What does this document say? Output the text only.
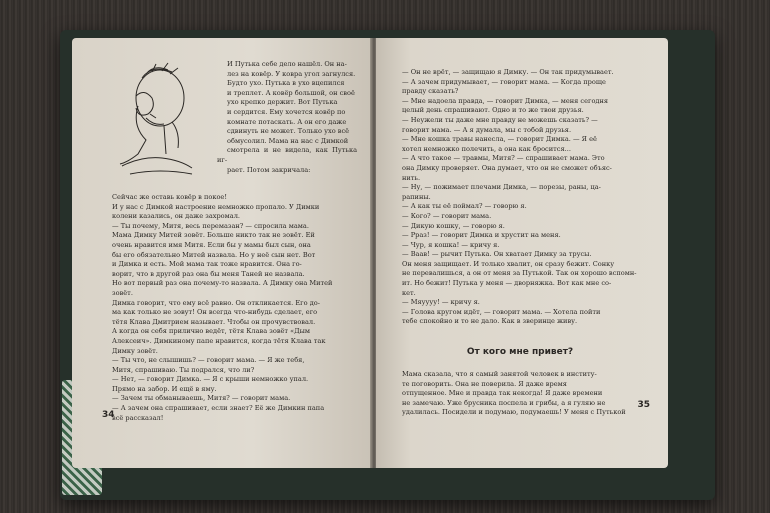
И Путька себе дело нашёл. Он на-

лез на ковёр. У ковра угол загнулся.

Будто ухо. Путька в ухо вцепился

и треплет. А ковёр большой, он своё

ухо крепко держит. Вот Путька

и сердится. Ему хочется ковёр по

комнате потаскать. А он его даже

сдвинуть не может. Только ухо всё

обмусолил. Мама на нас с Димкой

смотрела и не видела, как Путька иг-

рает. Потом закричала:

Сейчас же оставь ковёр в покое!

И у нас с Димкой настроение немножко пропало. У Димки

колени казались, он даже захромал.

— Ты почему, Митя, весь перемазан? — спросила мама.

Мама Димку Митей зовёт. Больше никто так не зовёт. Ей

очень нравится имя Митя. Если бы у мамы был сын, она

бы его обязательно Митей назвала. Но у неё сын нет. Вот

и Димка и есть. Мой мама так тоже нравится. Она го-

ворит, что в другой раз она бы меня Таней не назвала.

Но вот первый раз она почему-то назвала. А Димку она Митей

зовёт.

Димка говорит, что ему всё равно. Он откликается. Его до-

ма как только не зовут! Он всегда что-нибудь сделает, его

тётя Клава Дмитрием называет. Чтобы он прочувствовал.

А когда он себя прилично ведёт, тётя Клава зовёт «Дым

Алексеич». Димкиному папе нравится, когда тётя Клава так

Димку зовёт.

— Ты что, не слышишь? — говорит мама. — Я же тебя,

Митя, спрашиваю. Ты подрался, что ли?

— Нет, — говорит Димка. — Я с крыши немножко упал.

Прямо на забор. И ещё в яму.

— Зачем ты обманываешь, Митя? — говорит мама.

— А зачем она спрашивает, если знает? Её же Димкин папа

всё рассказал!

34

— Он не врёт, — защищаю я Димку. — Он так придумывает.

— А зачем придумывает, — говорит мама. — Когда проще

правду сказать?

— Мне надоела правда, — говорит Димка, — меня сегодня

целый день спрашивают. Одно и то же твои друзья.

— Неужели ты даже мне правду не можешь сказать? —

говорит мама. — А я думала, мы с тобой друзья.

— Мне кошка травы нанесла, — говорит Димка. — Я её

хотел немножко полечить, а она как бросится...

— А что такое — травмы, Митя? — спрашивает мама. Это

она Димку проверяет. Она думает, что он не сможет объяс-

нить.

— Ну, — пожимает плечами Димка, — порезы, раны, ца-

рапины.

— А как ты её поймал? — говорю я.

— Кого? — говорит мама.

— Дикую кошку, — говорю я.

— Рраз! — говорит Димка и хрустит на меня.

— Чур, я кошка! — кричу я.

— Ваав! — рычит Путька. Он хватает Димку за трусы.

Он меня защищает. И только хвалит, он сразу бежит. Сонку

не перевалишься, а он от меня за Путькой. Так он хорошо вспомн-

ит. Но бежит! Путька у меня — дворняжка. Вот как мне со-

кет.

— Мяуууу! — кричу я.

— Голова кругом идёт, — говорит мама. — Хотела пойти

тебе спокойно и то не дало. Как в зверинце живу.

От кого мне привет?

Мама сказала, что я самый занятой человек в институ-

те поговорить. Она не поверила. Я даже время

отпущенное. Мне и правда так некогда! Я даже времени

не замечаю. Уже брусника поспела и грибы, а я гуляю не

удалилась. Посидели и подумаю, подумаешь! У меня с Путькой

35
